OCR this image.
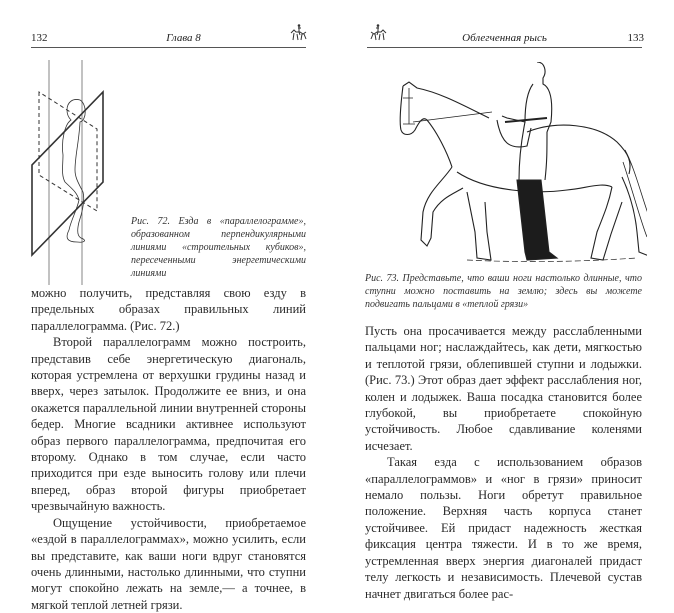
132	Глава 8
Рис. 72. Езда в «параллелограмме», образованном перпендикулярными линиями «строительных кубиков», пересеченными энергетическими линиями

можно получить, представляя свою езду в предельных образах правильных линий параллелограмма. (Рис. 72.)

Второй параллелограмм можно построить, представив себе энергетическую диагональ, которая устремлена от верхушки грудины назад и вверх, через затылок. Продолжите ее вниз, и она окажется параллельной линии внутренней стороны бедер. Многие всадники активнее используют образ первого параллелограмма, предпочитая его второму. Однако в том случае, если часто приходится при езде выносить голову или плечи вперед, образ второй фигуры приобретает чрезвычайную важность.

Ощущение устойчивости, приобретаемое «ездой в параллелограммах», можно усилить, если вы представите, как ваши ноги вдруг становятся очень длинными, настолько длинными, что ступни могут спокойно лежать на земле,— а точнее, в мягкой теплой летней грязи.

Облегченная рысь	133
Рис. 73. Представьте, что ваши ноги настолько длинные, что ступни можно поставить на землю; здесь вы можете подвигать пальцами в «теплой грязи»

Пусть она просачивается между расслабленными пальцами ног; наслаждайтесь, как дети, мягкостью и теплотой грязи, облепившей ступни и лодыжки. (Рис. 73.) Этот образ дает эффект расслабления ног, колен и лодыжек. Ваша посадка становится более глубокой, вы приобретаете спокойную устойчивость. Любое сдавливание коленями исчезает.

Такая езда с использованием образов «параллелограммов» и «ног в грязи» приносит немало пользы. Ноги обретут правильное положение. Верхняя часть корпуса станет устойчивее. Ей придаст надежность жесткая фиксация центра тяжести. И в то же время, устремленная вверх энергия диагоналей придаст телу легкость и независимость. Плечевой сустав начнет двигаться более рас-
